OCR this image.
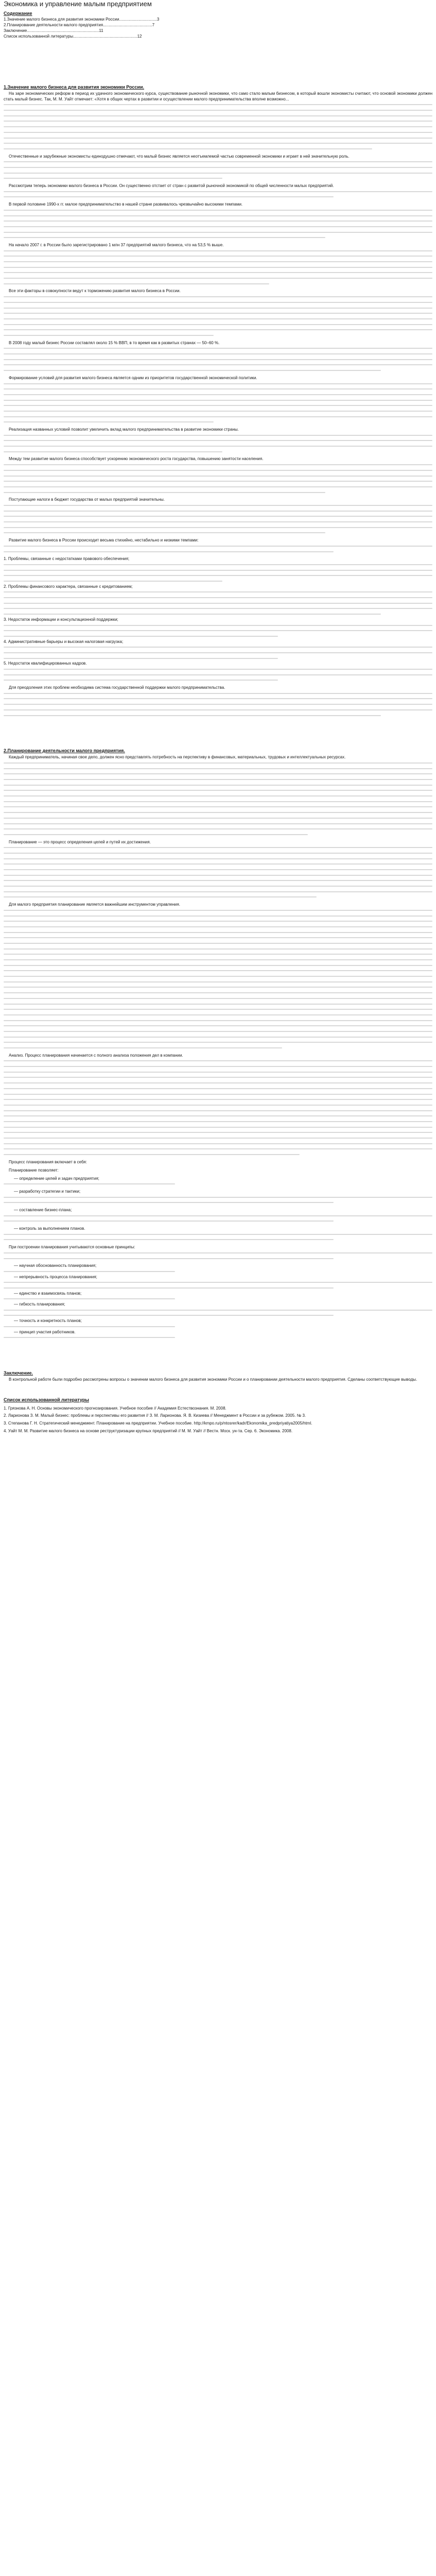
Экономика и управление малым предприятием
Содержание
1.Значение малого бизнеса для развития экономики России.................................3
2.Планирование деятельности малого предприятия...........................................7
Заключение...............................................................11
Список использованной литературы........................................................12
1.Значение малого бизнеса для развития экономики России.

На заре экономических реформ в период их удачного экономического курса, существование рыночной экономики, что само стало малым бизнесом, в который вошли экономисты считают, что основой экономики должен стать малый бизнес. Так, М. М. Уайт отмечает: «Хотя в общих чертах в развитии и осуществлении малого предпринимательства вполне возможно...

Отечественные и зарубежные экономисты единодушно отмечают, что малый бизнес является неотъемлемой частью современной экономики и играет в ней значительную роль.

Рассмотрим теперь экономики малого бизнеса в России. Он существенно отстает от стран с развитой рыночной экономикой по общей численности малых предприятий.

В первой половине 1990-х гг. малое предпринимательство в нашей стране развивалось чрезвычайно высокими темпами.

На начало 2007 г. в России было зарегистрировано 1 млн 37 предприятий малого бизнеса, что на 53,5 % выше.

Все эти факторы в совокупности ведут к торможению развития малого бизнеса в России.

В 2008 году малый бизнес России составлял около 15 % ВВП, в то время как в развитых странах — 50–60 %.

Формирование условий для развития малого бизнеса является одним из приоритетов государственной экономической политики.

Реализация названных условий позволит увеличить вклад малого предпринимательства в развитие экономики страны.

Между тем развитие малого бизнеса способствует ускорению экономического роста государства, повышению занятости населения.

Поступающие налоги в бюджет государства от малых предприятий значительны.

Развитие малого бизнеса в России происходит весьма стихийно, нестабильно и низкими темпами:

1. Проблемы, связанные с недостатками правового обеспечения;

2. Проблемы финансового характера, связанные с кредитованием;

3. Недостаток информации и консультационной поддержки;

4. Административные барьеры и высокая налоговая нагрузка;

5. Недостаток квалифицированных кадров.

Для преодоления этих проблем необходима система государственной поддержки малого предпринимательства.

2.Планирование деятельности малого предприятия.

Каждый предприниматель, начиная свое дело, должен ясно представлять потребность на перспективу в финансовых, материальных, трудовых и интеллектуальных ресурсах.

Планирование — это процесс определения целей и путей их достижения.

Для малого предприятия планирование является важнейшим инструментом управления.

Анализ. Процесс планирования начинается с полного анализа положения дел в компании.

Процесс планирования включает в себя:

Планирование позволяет:

— определение целей и задач предприятия;

— разработку стратегии и тактики;

— составление бизнес-плана;

— контроль за выполнением планов.

При построении планирования учитываются основные принципы:

— научная обоснованность планирования;

— непрерывность процесса планирования;

— единство и взаимосвязь планов;

— гибкость планирования;

— точность и конкретность планов;

— принцип участия работников.

Заключение.

В контрольной работе были подробно рассмотрены вопросы о значении малого бизнеса для развития экономики России и о планировании деятельности малого предприятия. Сделаны соответствующие выводы.

Список использованной литературы

1. Грязнова А. Н. Основы экономического прогнозирования. Учебное пособие // Академия Естествознания. М. 2008.

2. Ларионова З. М. Малый бизнес: проблемы и перспективы его развития // З. М. Ларионова. Я. В. Кизиева // Менеджмент в России и за рубежом. 2005. № 3.

3. Степанова Г. Н. Стратегический менеджмент. Планирование на предприятии. Учебное пособие. http://kmpo.ru/p/ntosrer/kadr/Ekonomika_predpriyatiya2005/html.

4. Уайт М. М. Развитие малого бизнеса на основе реструктуризации крупных предприятий // М. М. Уайт // Вестн. Моск. ун-та. Сер. 6. Экономика. 2008.
